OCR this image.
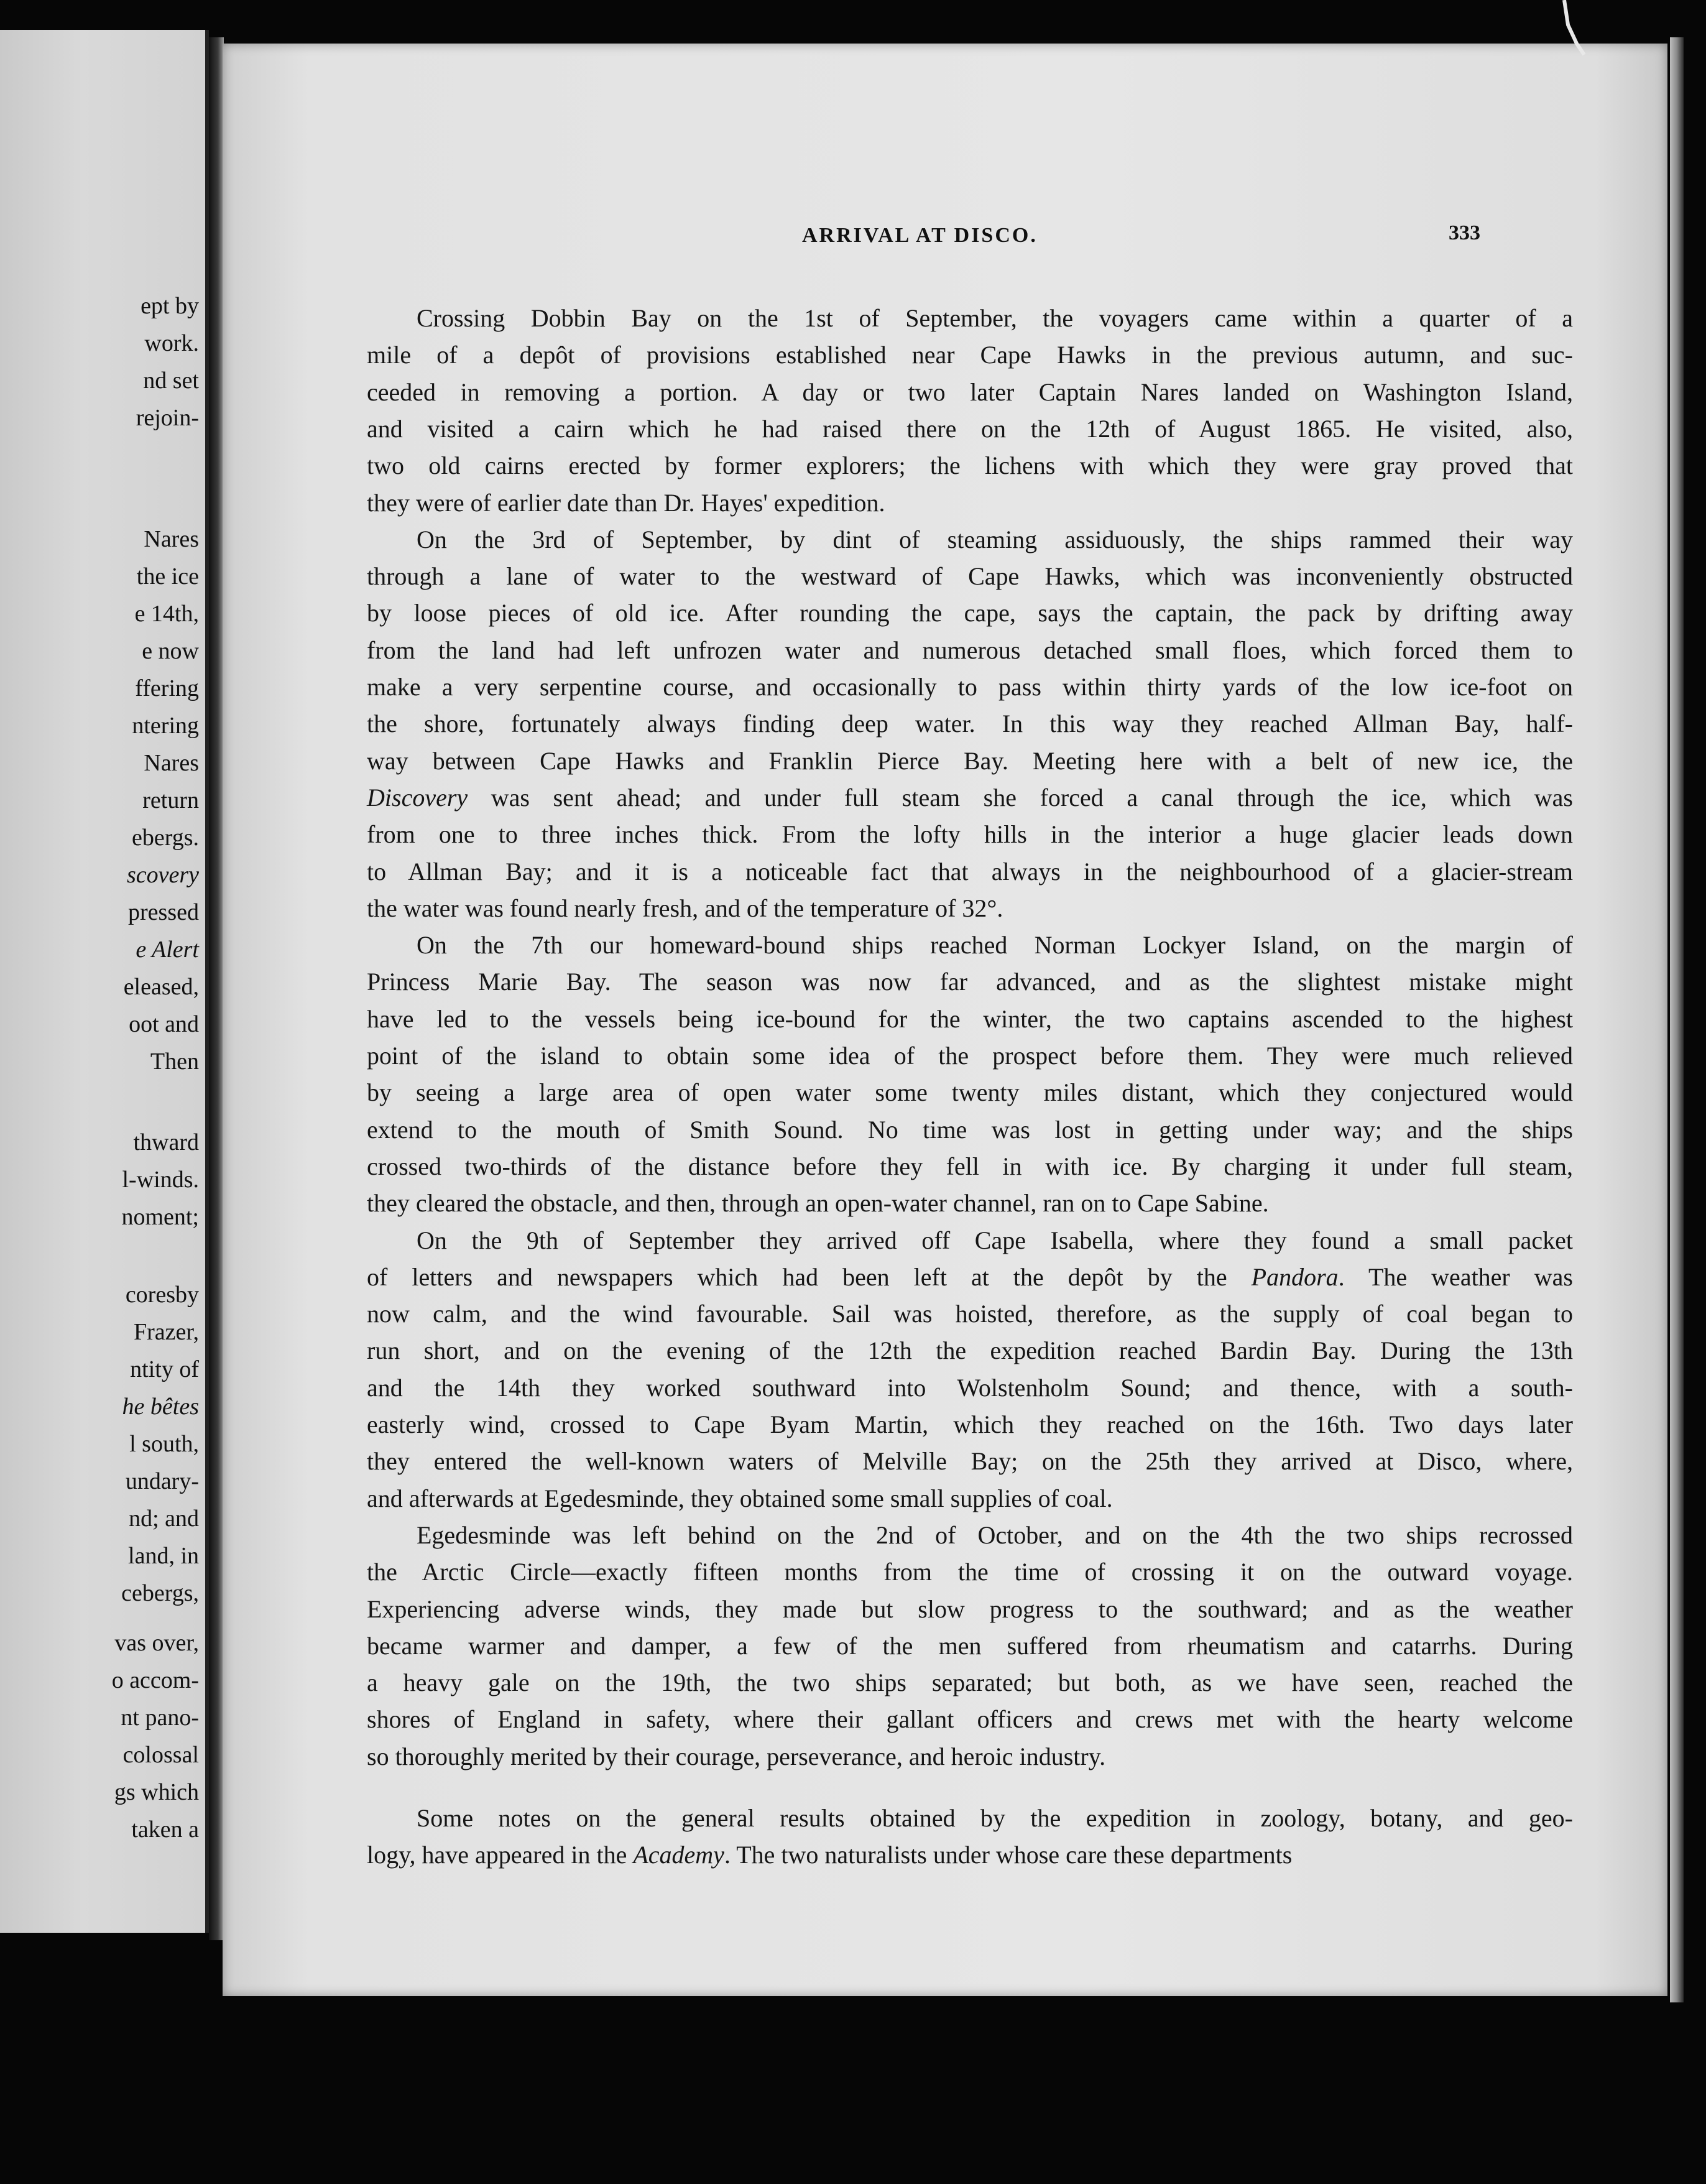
ept by
work.
nd set
rejoin-
Nares
the ice
e 14th,
e now
ffering
ntering
Nares
return
ebergs.
scovery
pressed
e Alert
eleased,
oot and
Then
thward
l-winds.
noment;
coresby
Frazer,
ntity of
he bêtes
l south,
undary-
nd; and
land, in
cebergs,
vas over,
o accom-
nt pano-
colossal
gs which
taken a
ARRIVAL AT DISCO.	333
Crossing Dobbin Bay on the 1st of September, the voyagers came within a quarter of a
mile of a depôt of provisions established near Cape Hawks in the previous autumn, and suc-
ceeded in removing a portion. A day or two later Captain Nares landed on Washington Island,
and visited a cairn which he had raised there on the 12th of August 1865. He visited, also,
two old cairns erected by former explorers; the lichens with which they were gray proved that
they were of earlier date than Dr. Hayes' expedition.
On the 3rd of September, by dint of steaming assiduously, the ships rammed their way
through a lane of water to the westward of Cape Hawks, which was inconveniently obstructed
by loose pieces of old ice. After rounding the cape, says the captain, the pack by drifting away
from the land had left unfrozen water and numerous detached small floes, which forced them to
make a very serpentine course, and occasionally to pass within thirty yards of the low ice-foot on
the shore, fortunately always finding deep water. In this way they reached Allman Bay, half-
way between Cape Hawks and Franklin Pierce Bay. Meeting here with a belt of new ice, the
Discovery was sent ahead; and under full steam she forced a canal through the ice, which was
from one to three inches thick. From the lofty hills in the interior a huge glacier leads down
to Allman Bay; and it is a noticeable fact that always in the neighbourhood of a glacier-stream
the water was found nearly fresh, and of the temperature of 32°.
On the 7th our homeward-bound ships reached Norman Lockyer Island, on the margin of
Princess Marie Bay. The season was now far advanced, and as the slightest mistake might
have led to the vessels being ice-bound for the winter, the two captains ascended to the highest
point of the island to obtain some idea of the prospect before them. They were much relieved
by seeing a large area of open water some twenty miles distant, which they conjectured would
extend to the mouth of Smith Sound. No time was lost in getting under way; and the ships
crossed two-thirds of the distance before they fell in with ice. By charging it under full steam,
they cleared the obstacle, and then, through an open-water channel, ran on to Cape Sabine.
On the 9th of September they arrived off Cape Isabella, where they found a small packet
of letters and newspapers which had been left at the depôt by the Pandora. The weather was
now calm, and the wind favourable. Sail was hoisted, therefore, as the supply of coal began to
run short, and on the evening of the 12th the expedition reached Bardin Bay. During the 13th
and the 14th they worked southward into Wolstenholm Sound; and thence, with a south-
easterly wind, crossed to Cape Byam Martin, which they reached on the 16th. Two days later
they entered the well-known waters of Melville Bay; on the 25th they arrived at Disco, where,
and afterwards at Egedesminde, they obtained some small supplies of coal.
Egedesminde was left behind on the 2nd of October, and on the 4th the two ships recrossed
the Arctic Circle—exactly fifteen months from the time of crossing it on the outward voyage.
Experiencing adverse winds, they made but slow progress to the southward; and as the weather
became warmer and damper, a few of the men suffered from rheumatism and catarrhs. During
a heavy gale on the 19th, the two ships separated; but both, as we have seen, reached the
shores of England in safety, where their gallant officers and crews met with the hearty welcome
so thoroughly merited by their courage, perseverance, and heroic industry.
Some notes on the general results obtained by the expedition in zoology, botany, and geo-
logy, have appeared in the Academy. The two naturalists under whose care these departments
